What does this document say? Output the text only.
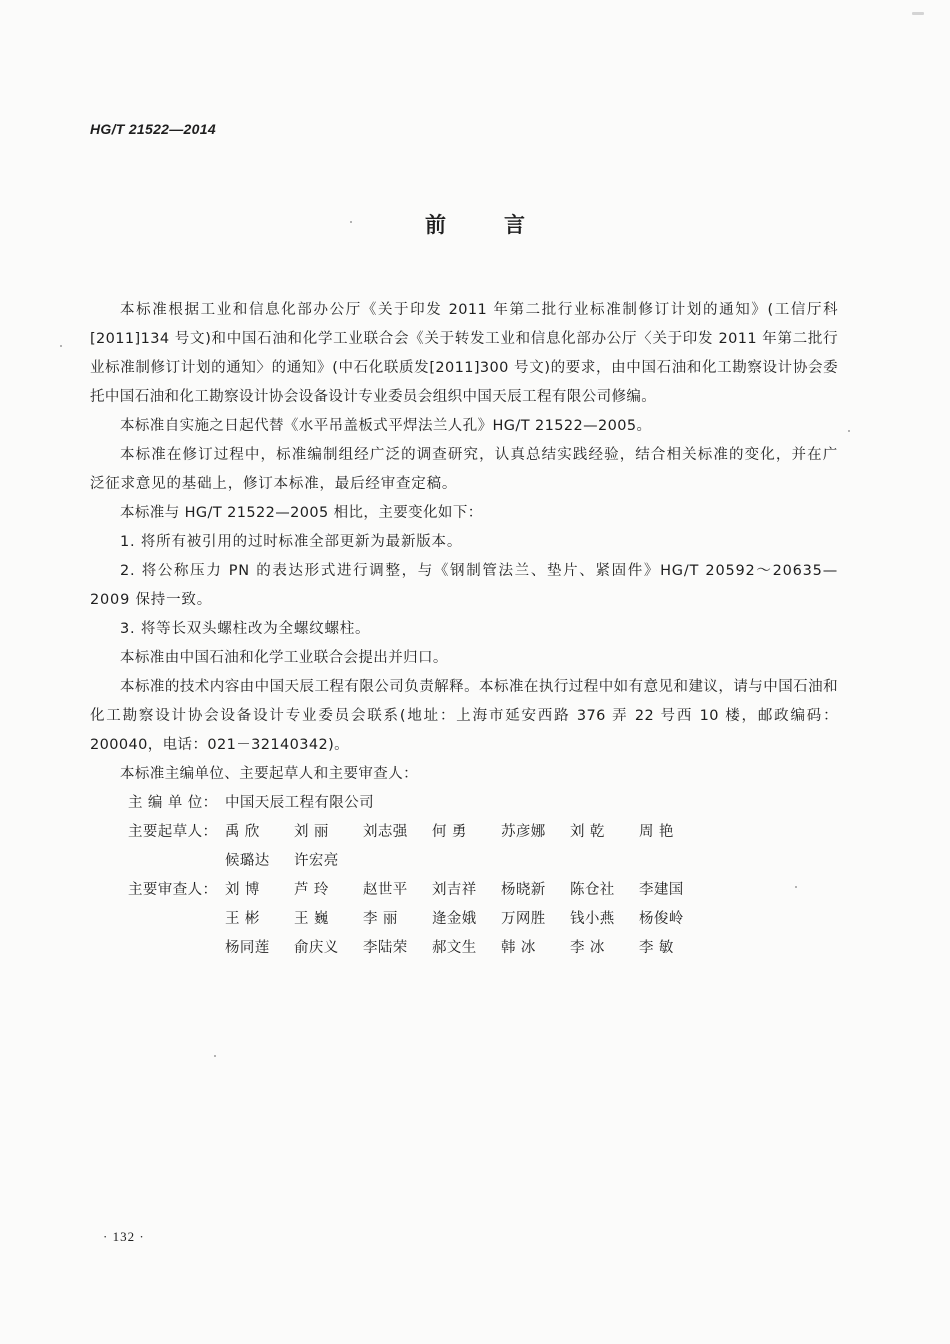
HG/T 21522—2014
前言

本标准根据工业和信息化部办公厅《关于印发 2011 年第二批行业标准制修订计划的通知》(工信厅科[2011]134 号文)和中国石油和化学工业联合会《关于转发工业和信息化部办公厅〈关于印发 2011 年第二批行业标准制修订计划的通知〉的通知》(中石化联质发[2011]300 号文)的要求，由中国石油和化工勘察设计协会委托中国石油和化工勘察设计协会设备设计专业委员会组织中国天辰工程有限公司修编。

本标准自实施之日起代替《水平吊盖板式平焊法兰人孔》HG/T 21522—2005。

本标准在修订过程中，标准编制组经广泛的调查研究，认真总结实践经验，结合相关标准的变化，并在广泛征求意见的基础上，修订本标准，最后经审查定稿。

本标准与 HG/T 21522—2005 相比，主要变化如下：

1. 将所有被引用的过时标准全部更新为最新版本。

2. 将公称压力 PN 的表达形式进行调整，与《钢制管法兰、垫片、紧固件》HG/T 20592～20635—2009 保持一致。

3. 将等长双头螺柱改为全螺纹螺柱。

本标准由中国石油和化学工业联合会提出并归口。

本标准的技术内容由中国天辰工程有限公司负责解释。本标准在执行过程中如有意见和建议，请与中国石油和化工勘察设计协会设备设计专业委员会联系(地址：上海市延安西路 376 弄 22 号西 10 楼，邮政编码：200040，电话：021－32140342)。

本标准主编单位、主要起草人和主要审查人：

主 编 单 位： 中国天辰工程有限公司
主要起草人： 禹 欣	刘 丽	刘志强	何 勇	苏彦娜	刘 乾	周 艳
候璐达	许宏亮
主要审查人： 刘 博	芦 玲	赵世平	刘吉祥	杨晓新	陈仓社	李建国
王 彬	王 巍	李 丽	逄金娥	万网胜	钱小燕	杨俊岭
杨同莲	俞庆义	李陆荣	郝文生	韩 冰	李 冰	李 敏
· 132 ·
